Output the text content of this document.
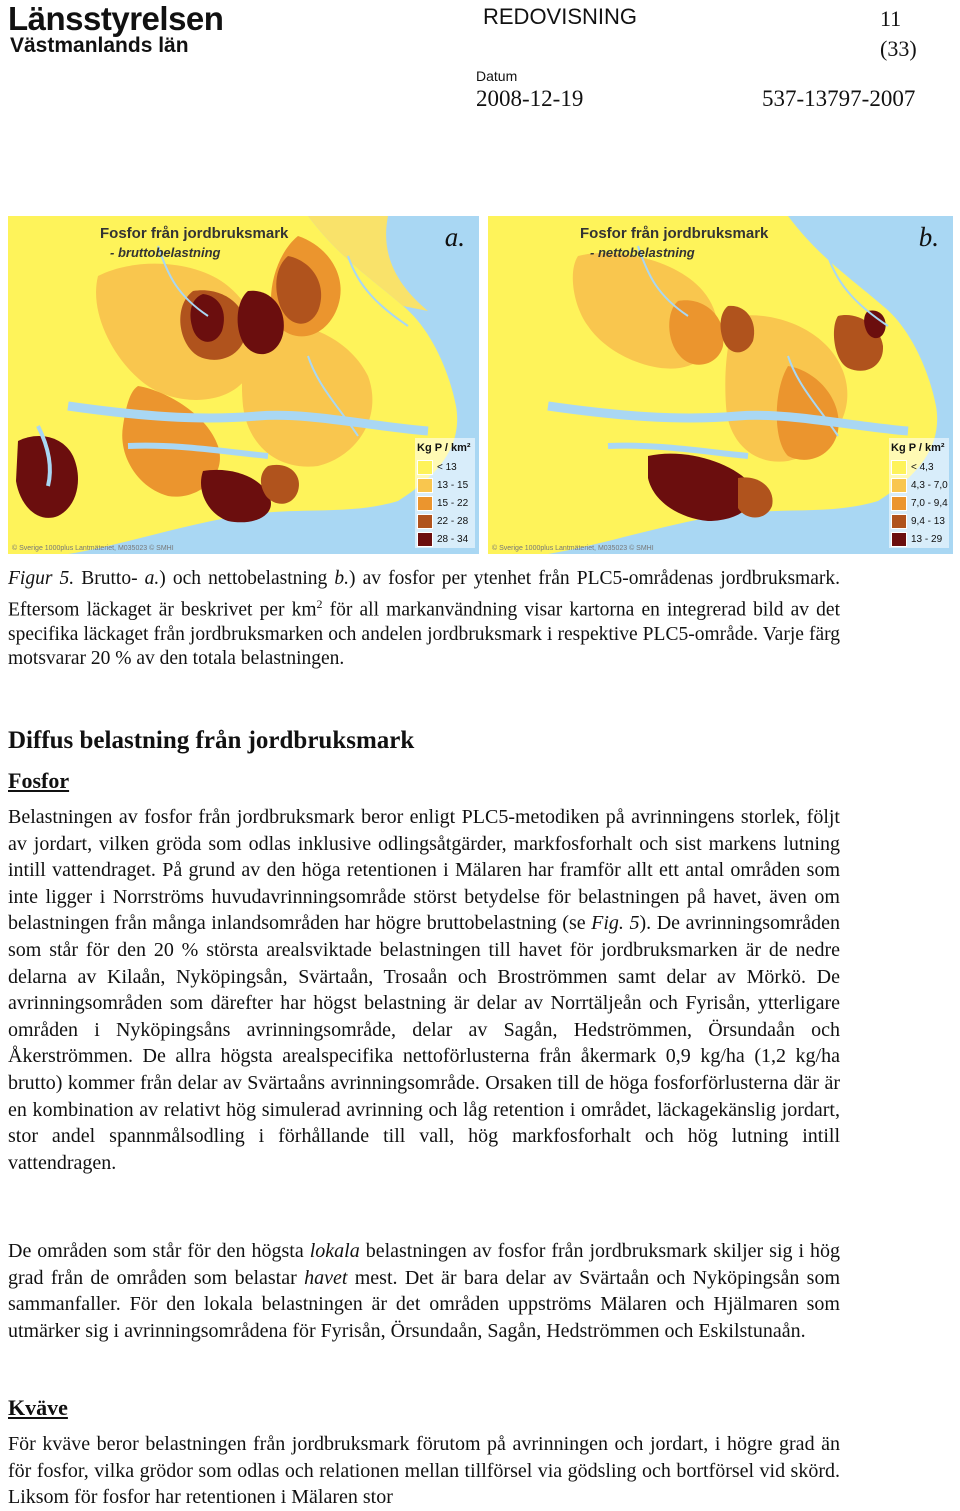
Länsstyrelsen
Västmanlands län
REDOVISNING	11
(33)
Datum
2008-12-19	537-13797-2007
Fosfor från jordbruksmark
- bruttobelastning
a.
Kg P / km²
< 13
13 - 15
15 - 22
22 - 28
28 - 34
© Sverige 1000plus Lantmäteriet, M035023 © SMHI
Fosfor från jordbruksmark
- nettobelastning
b.
Kg P / km²
< 4,3
4,3 - 7,0
7,0 - 9,4
9,4 - 13
13 - 29
© Sverige 1000plus Lantmäteriet, M035023 © SMHI
Figur 5. Brutto- a.) och nettobelastning b.) av fosfor per ytenhet från PLC5-områdenas jordbruksmark. Eftersom läckaget är beskrivet per $km^2$ för all markanvändning visar kartorna en integrerad bild av det specifika läckaget från jordbruksmarken och andelen jordbruksmark i respektive PLC5-område. Varje färg motsvarar 20 % av den totala belastningen.
Diffus belastning från jordbruksmark
Fosfor
Belastningen av fosfor från jordbruksmark beror enligt PLC5-metodiken på avrinningens storlek, följt av jordart, vilken gröda som odlas inklusive odlingsåtgärder, markfosforhalt och sist markens lutning intill vattendraget. På grund av den höga retentionen i Mälaren har framför allt ett antal områden som inte ligger i Norrströms huvudavrinningsområde störst betydelse för belastningen på havet, även om belastningen från många inlandsområden har högre bruttobelastning (se Fig. 5). De avrinningsområden som står för den 20 % största arealsviktade belastningen till havet för jordbruksmarken är de nedre delarna av Kilaån, Nyköpingsån, Svärtaån, Trosaån och Broströmmen samt delar av Mörkö. De avrinningsområden som därefter har högst belastning är delar av Norrtäljeån och Fyrisån, ytterligare områden i Nyköpingsåns avrinningsområde, delar av Sagån, Hedströmmen, Örsundaån och Åkerströmmen. De allra högsta arealspecifika nettoförlusterna från åkermark 0,9 kg/ha (1,2 kg/ha brutto) kommer från delar av Svärtaåns avrinningsområde. Orsaken till de höga fosforförlusterna där är en kombination av relativt hög simulerad avrinning och låg retention i området, läckagekänslig jordart, stor andel spannmålsodling i förhållande till vall, hög markfosforhalt och hög lutning intill vattendragen.
De områden som står för den högsta lokala belastningen av fosfor från jordbruksmark skiljer sig i hög grad från de områden som belastar havet mest. Det är bara delar av Svärtaån och Nyköpingsån som sammanfaller. För den lokala belastningen är det områden uppströms Mälaren och Hjälmaren som utmärker sig i avrinningsområdena för Fyrisån, Örsundaån, Sagån, Hedströmmen och Eskilstunaån.
Kväve
För kväve beror belastningen från jordbruksmark förutom på avrinningen och jordart, i högre grad än för fosfor, vilka grödor som odlas och relationen mellan tillförsel via gödsling och bortförsel vid skörd. Liksom för fosfor har retentionen i Mälaren stor
